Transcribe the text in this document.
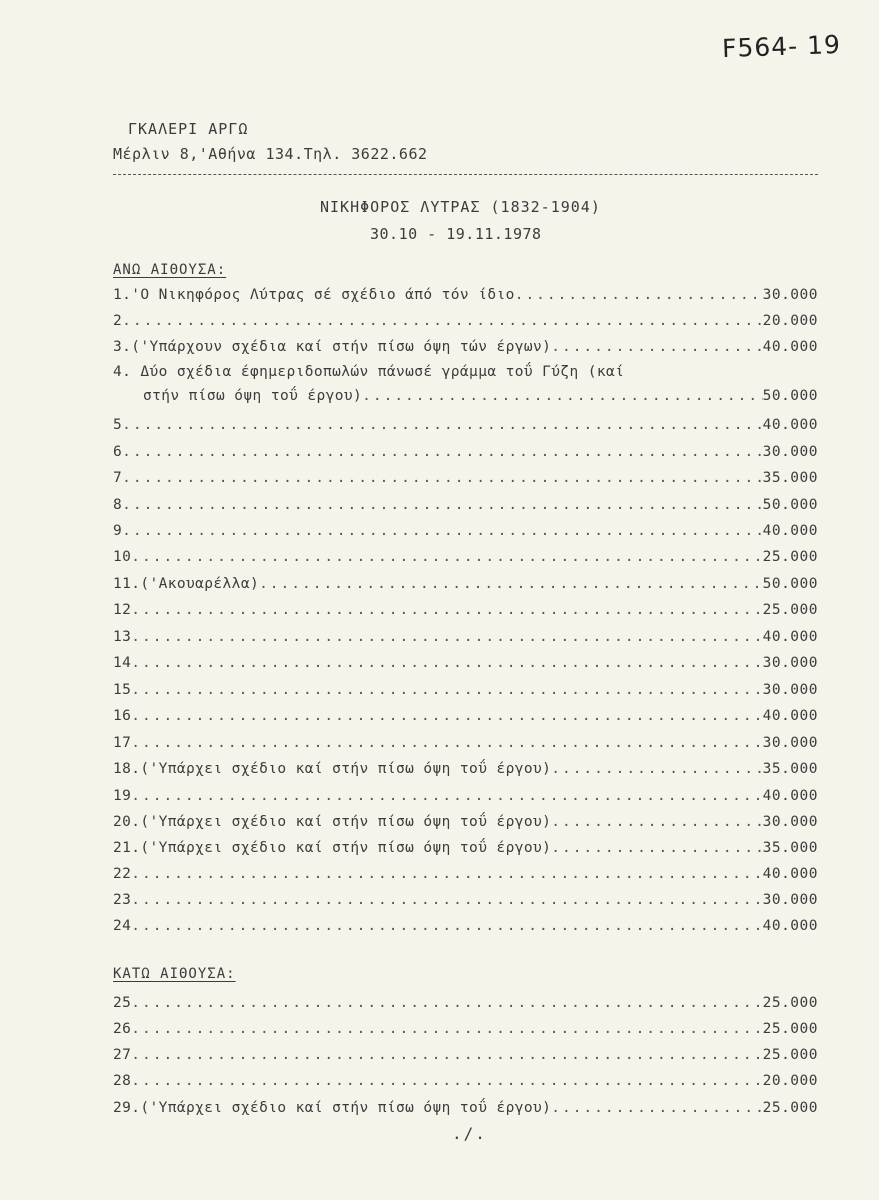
F564- 19
ΓΚΑΛΕΡΙ ΑΡΓΩ
Μέρλιν 8,'Αθήνα 134.Τηλ. 3622.662
ΝΙΚΗΦΟΡΟΣ ΛΥΤΡΑΣ (1832-1904)
30.10 - 19.11.1978
ΑΝΩ ΑΙΘΟΥΣΑ:
1.'Ο Νικηφόρος Λύτρας σέ σχέδιο άπό τόν ίδιο .....	30.000
2 .....	20.000
3.('Υπάρχουν σχέδια καί στήν πίσω όψη τών έργων) .....	40.000
4. Δύο σχέδια έφημεριδοπωλών πάνωσέ γράμμα τοΰ Γύζη (καί
στήν πίσω όψη τοΰ έργου) .....	50.000
5 .....	40.000
6 .....	30.000
7 .....	35.000
8 .....	50.000
9 .....	40.000
10 .....	25.000
11.('Ακουαρέλλα) .....	50.000
12 .....	25.000
13 .....	40.000
14 .....	30.000
15 .....	30.000
16 .....	40.000
17 .....	30.000
18.('Υπάρχει σχέδιο καί στήν πίσω όψη τοΰ έργου) .....	35.000
19 .....	40.000
20.('Υπάρχει σχέδιο καί στήν πίσω όψη τοΰ έργου) .....	30.000
21.('Υπάρχει σχέδιο καί στήν πίσω όψη τοΰ έργου) .....	35.000
22 .....	40.000
23 .....	30.000
24 .....	40.000
ΚΑΤΩ ΑΙΘΟΥΣΑ:
25 .....	25.000
26 .....	25.000
27 .....	25.000
28 .....	20.000
29.('Υπάρχει σχέδιο καί στήν πίσω όψη τοΰ έργου) .....	25.000
./.
